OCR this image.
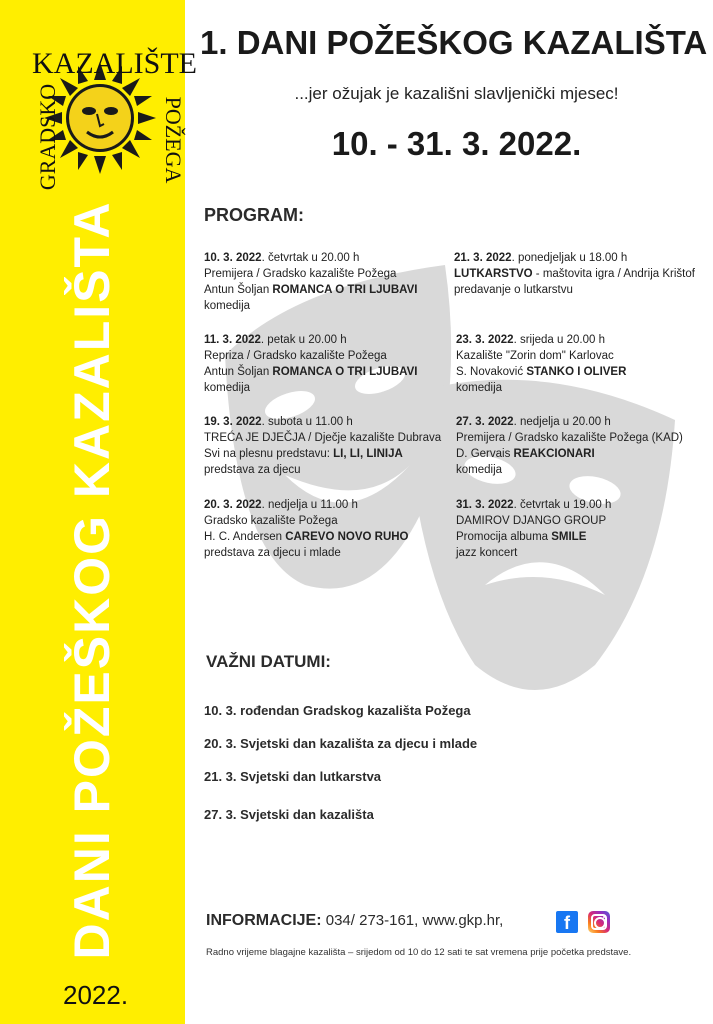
DANI POŽEŠKOG KAZALIŠTA
2022.
KAZALIŠTE
GRADSKO	POŽEGA
1. DANI POŽEŠKOG KAZALIŠTA
...jer ožujak je kazališni slavljenički mjesec!
10. - 31. 3. 2022.
PROGRAM:
10. 3. 2022. četvrtak u 20.00 h
Premijera / Gradsko kazalište Požega
Antun Šoljan ROMANCA O TRI LJUBAVI
komedija
11. 3. 2022. petak u 20.00 h
Repriza / Gradsko kazalište Požega
Antun Šoljan ROMANCA O TRI LJUBAVI
komedija
19. 3. 2022. subota u 11.00 h
TREĆA JE DJEČJA / Dječje kazalište Dubrava
Svi na plesnu predstavu: LI, LI, LINIJA
predstava za djecu
20. 3. 2022. nedjelja u 11.00 h
Gradsko kazalište Požega
H. C. Andersen CAREVO NOVO RUHO
predstava za djecu i mlade
21. 3. 2022. ponedjeljak u 18.00 h
LUTKARSTVO - maštovita igra / Andrija Krištof
predavanje o lutkarstvu
23. 3. 2022. srijeda u 20.00 h
Kazalište "Zorin dom" Karlovac
S. Novaković STANKO I OLIVER
komedija
27. 3. 2022. nedjelja u 20.00 h
Premijera / Gradsko kazalište Požega (KAD)
D. Gervais REAKCIONARI
komedija
31. 3. 2022. četvrtak u 19.00 h
DAMIROV DJANGO GROUP
Promocija albuma SMILE
jazz koncert
VAŽNI DATUMI:
10. 3. rođendan Gradskog kazališta Požega
20. 3. Svjetski dan kazališta za djecu i mlade
21. 3. Svjetski dan lutkarstva
27. 3. Svjetski dan kazališta
INFORMACIJE: 034/ 273-161, www.gkp.hr,	f
Radno vrijeme blagajne kazališta – srijedom od 10 do 12 sati te sat vremena prije početka predstave.
